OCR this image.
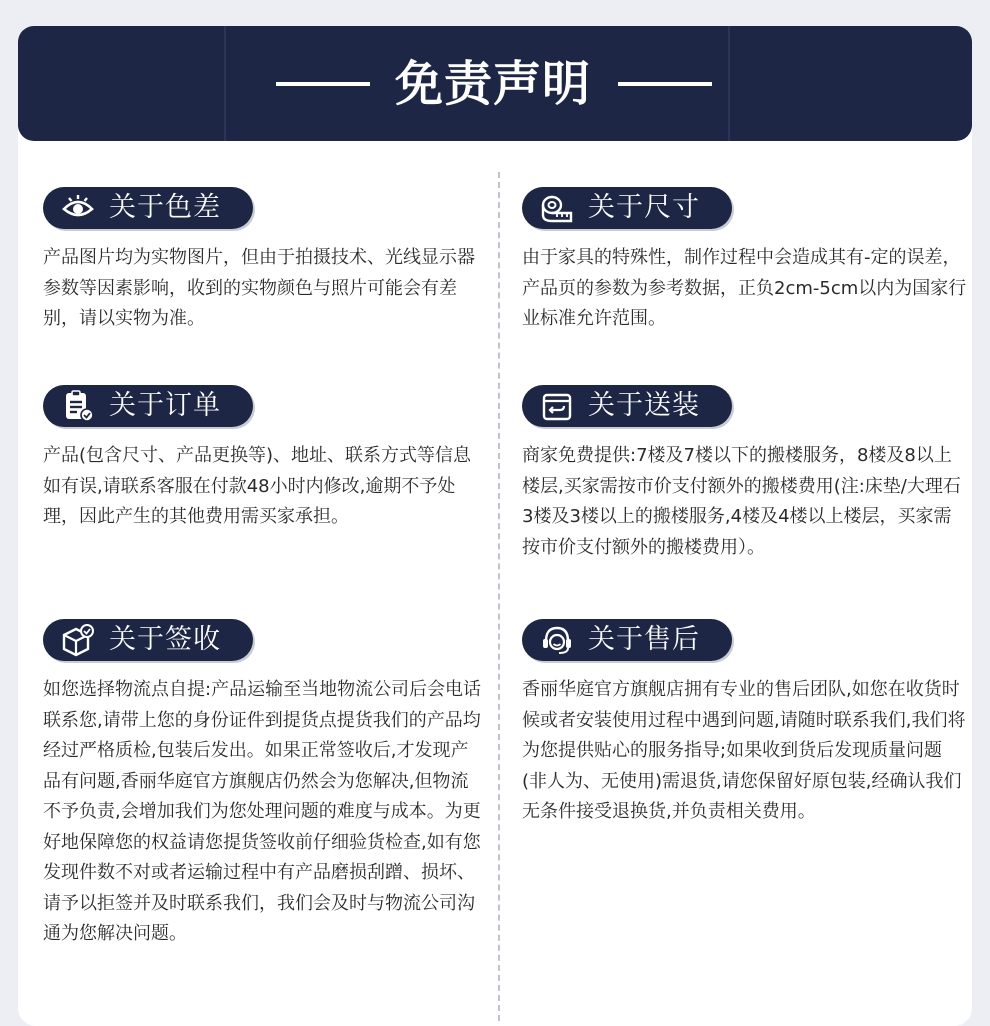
免责声明
关于色差
产品图片均为实物图片，但由于拍摄技术、光线显示器参数等因素影响，收到的实物颜色与照片可能会有差别，请以实物为准。
关于尺寸
由于家具的特殊性，制作过程中会造成其有-定的误差，产品页的参数为参考数据，正负2cm-5cm以内为国家行业标准允许范围。
关于订单
产品(包含尺寸、产品更换等)、地址、联系方式等信息如有误,请联系客服在付款48小时内修改,逾期不予处理，因此产生的其他费用需买家承担。
关于送装
商家免费提供:7楼及7楼以下的搬楼服务，8楼及8以上楼层,买家需按市价支付额外的搬楼费用(注:床垫/大理石3楼及3楼以上的搬楼服务,4楼及4楼以上楼层，买家需按市价支付额外的搬楼费用）。
关于签收
如您选择物流点自提:产品运输至当地物流公司后会电话联系您,请带上您的身份证件到提货点提货我们的产品均经过严格质检,包装后发出。如果正常签收后,才发现产品有问题,香丽华庭官方旗舰店仍然会为您解决,但物流不予负责,会增加我们为您处理问题的难度与成本。为更好地保障您的权益请您提货签收前仔细验货检查,如有您发现件数不对或者运输过程中有产品磨损刮蹭、损坏、请予以拒签并及时联系我们，我们会及时与物流公司沟通为您解决问题。
关于售后
香丽华庭官方旗舰店拥有专业的售后团队,如您在收货时候或者安装使用过程中遇到问题,请随时联系我们,我们将为您提供贴心的服务指导;如果收到货后发现质量问题(非人为、无使用)需退货,请您保留好原包装,经确认我们无条件接受退换货,并负责相关费用。
